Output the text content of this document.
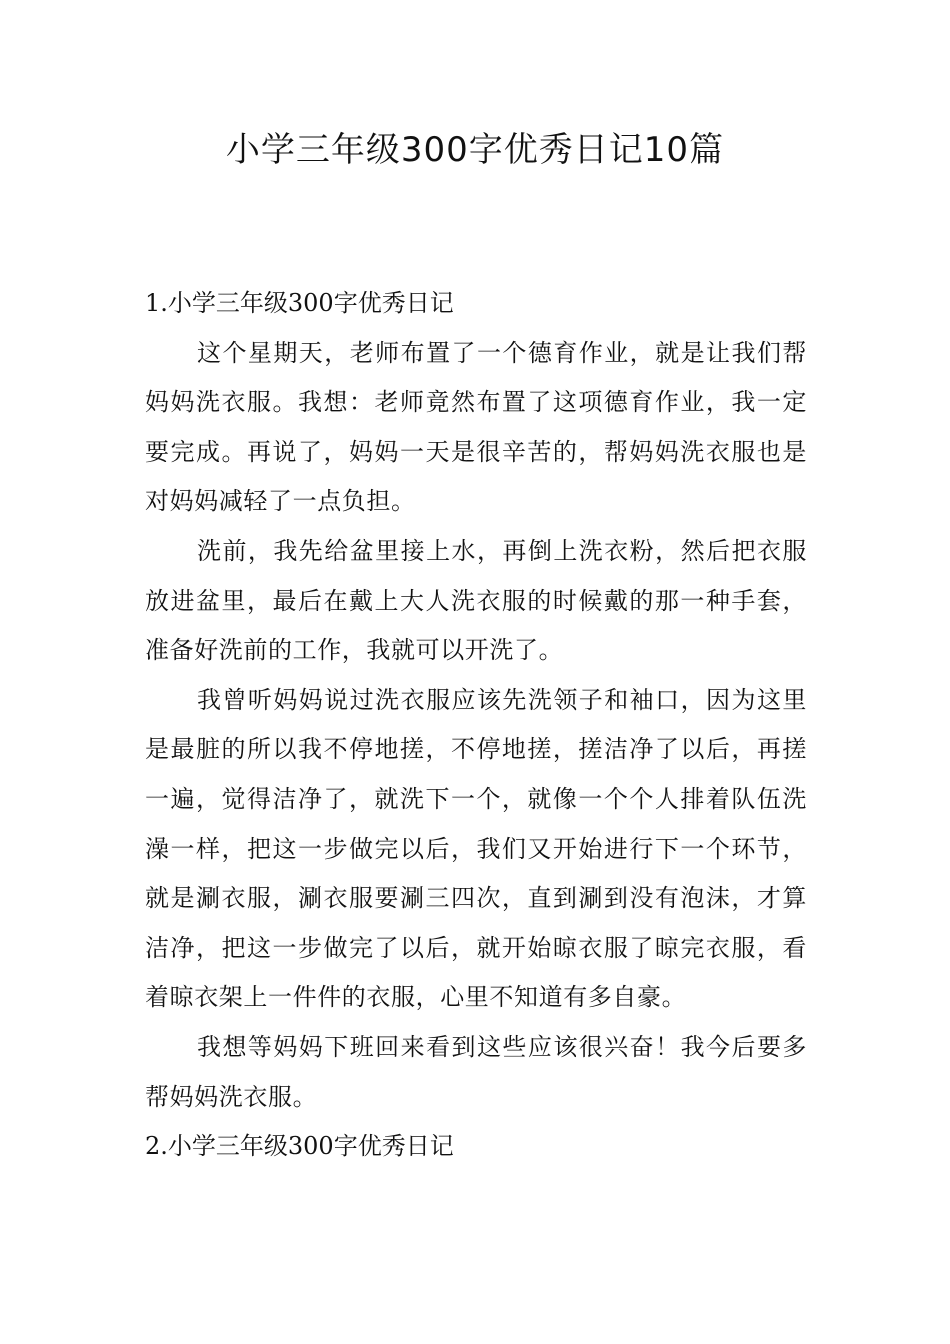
小学三年级300字优秀日记10篇
1.小学三年级300字优秀日记

这个星期天，老师布置了一个德育作业，就是让我们帮妈妈洗衣服。我想：老师竟然布置了这项德育作业，我一定要完成。再说了，妈妈一天是很辛苦的，帮妈妈洗衣服也是对妈妈减轻了一点负担。

洗前，我先给盆里接上水，再倒上洗衣粉，然后把衣服放进盆里，最后在戴上大人洗衣服的时候戴的那一种手套，准备好洗前的工作，我就可以开洗了。

我曾听妈妈说过洗衣服应该先洗领子和袖口，因为这里是最脏的所以我不停地搓，不停地搓，搓洁净了以后，再搓一遍，觉得洁净了，就洗下一个，就像一个个人排着队伍洗澡一样，把这一步做完以后，我们又开始进行下一个环节，就是涮衣服，涮衣服要涮三四次，直到涮到没有泡沫，才算洁净，把这一步做完了以后，就开始晾衣服了晾完衣服，看着晾衣架上一件件的衣服，心里不知道有多自豪。

我想等妈妈下班回来看到这些应该很兴奋！我今后要多帮妈妈洗衣服。

2.小学三年级300字优秀日记
